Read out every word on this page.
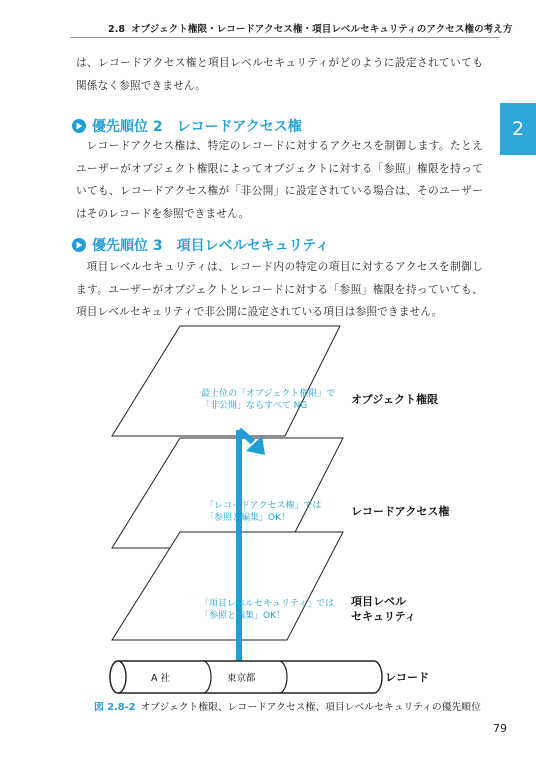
2.8 オブジェクト権限・レコードアクセス権・項目レベルセキュリティのアクセス権の考え方
2
は、レコードアクセス権と項目レベルセキュリティがどのように設定されていても関係なく参照できません。
優先順位 2　レコードアクセス権
レコードアクセス権は、特定のレコードに対するアクセスを制御します。たとえユーザーがオブジェクト権限によってオブジェクトに対する「参照」権限を持っていても、レコードアクセス権が「非公開」に設定されている場合は、そのユーザーはそのレコードを参照できません。
優先順位 3　項目レベルセキュリティ
項目レベルセキュリティは、レコード内の特定の項目に対するアクセスを制御します。ユーザーがオブジェクトとレコードに対する「参照」権限を持っていても、項目レベルセキュリティで非公開に設定されている項目は参照できません。
最上位の「オブジェクト権限」で
「非公開」ならすべて NG	オブジェクト権限
「レコードアクセス権」では
「参照と編集」OK！	レコードアクセス権
「項目レベルセキュリティ」では
「参照と編集」OK！
項目レベル
セキュリティ
A 社	東京都	レコード
図 2.8-2 オブジェクト権限、レコードアクセス権、項目レベルセキュリティの優先順位
79
